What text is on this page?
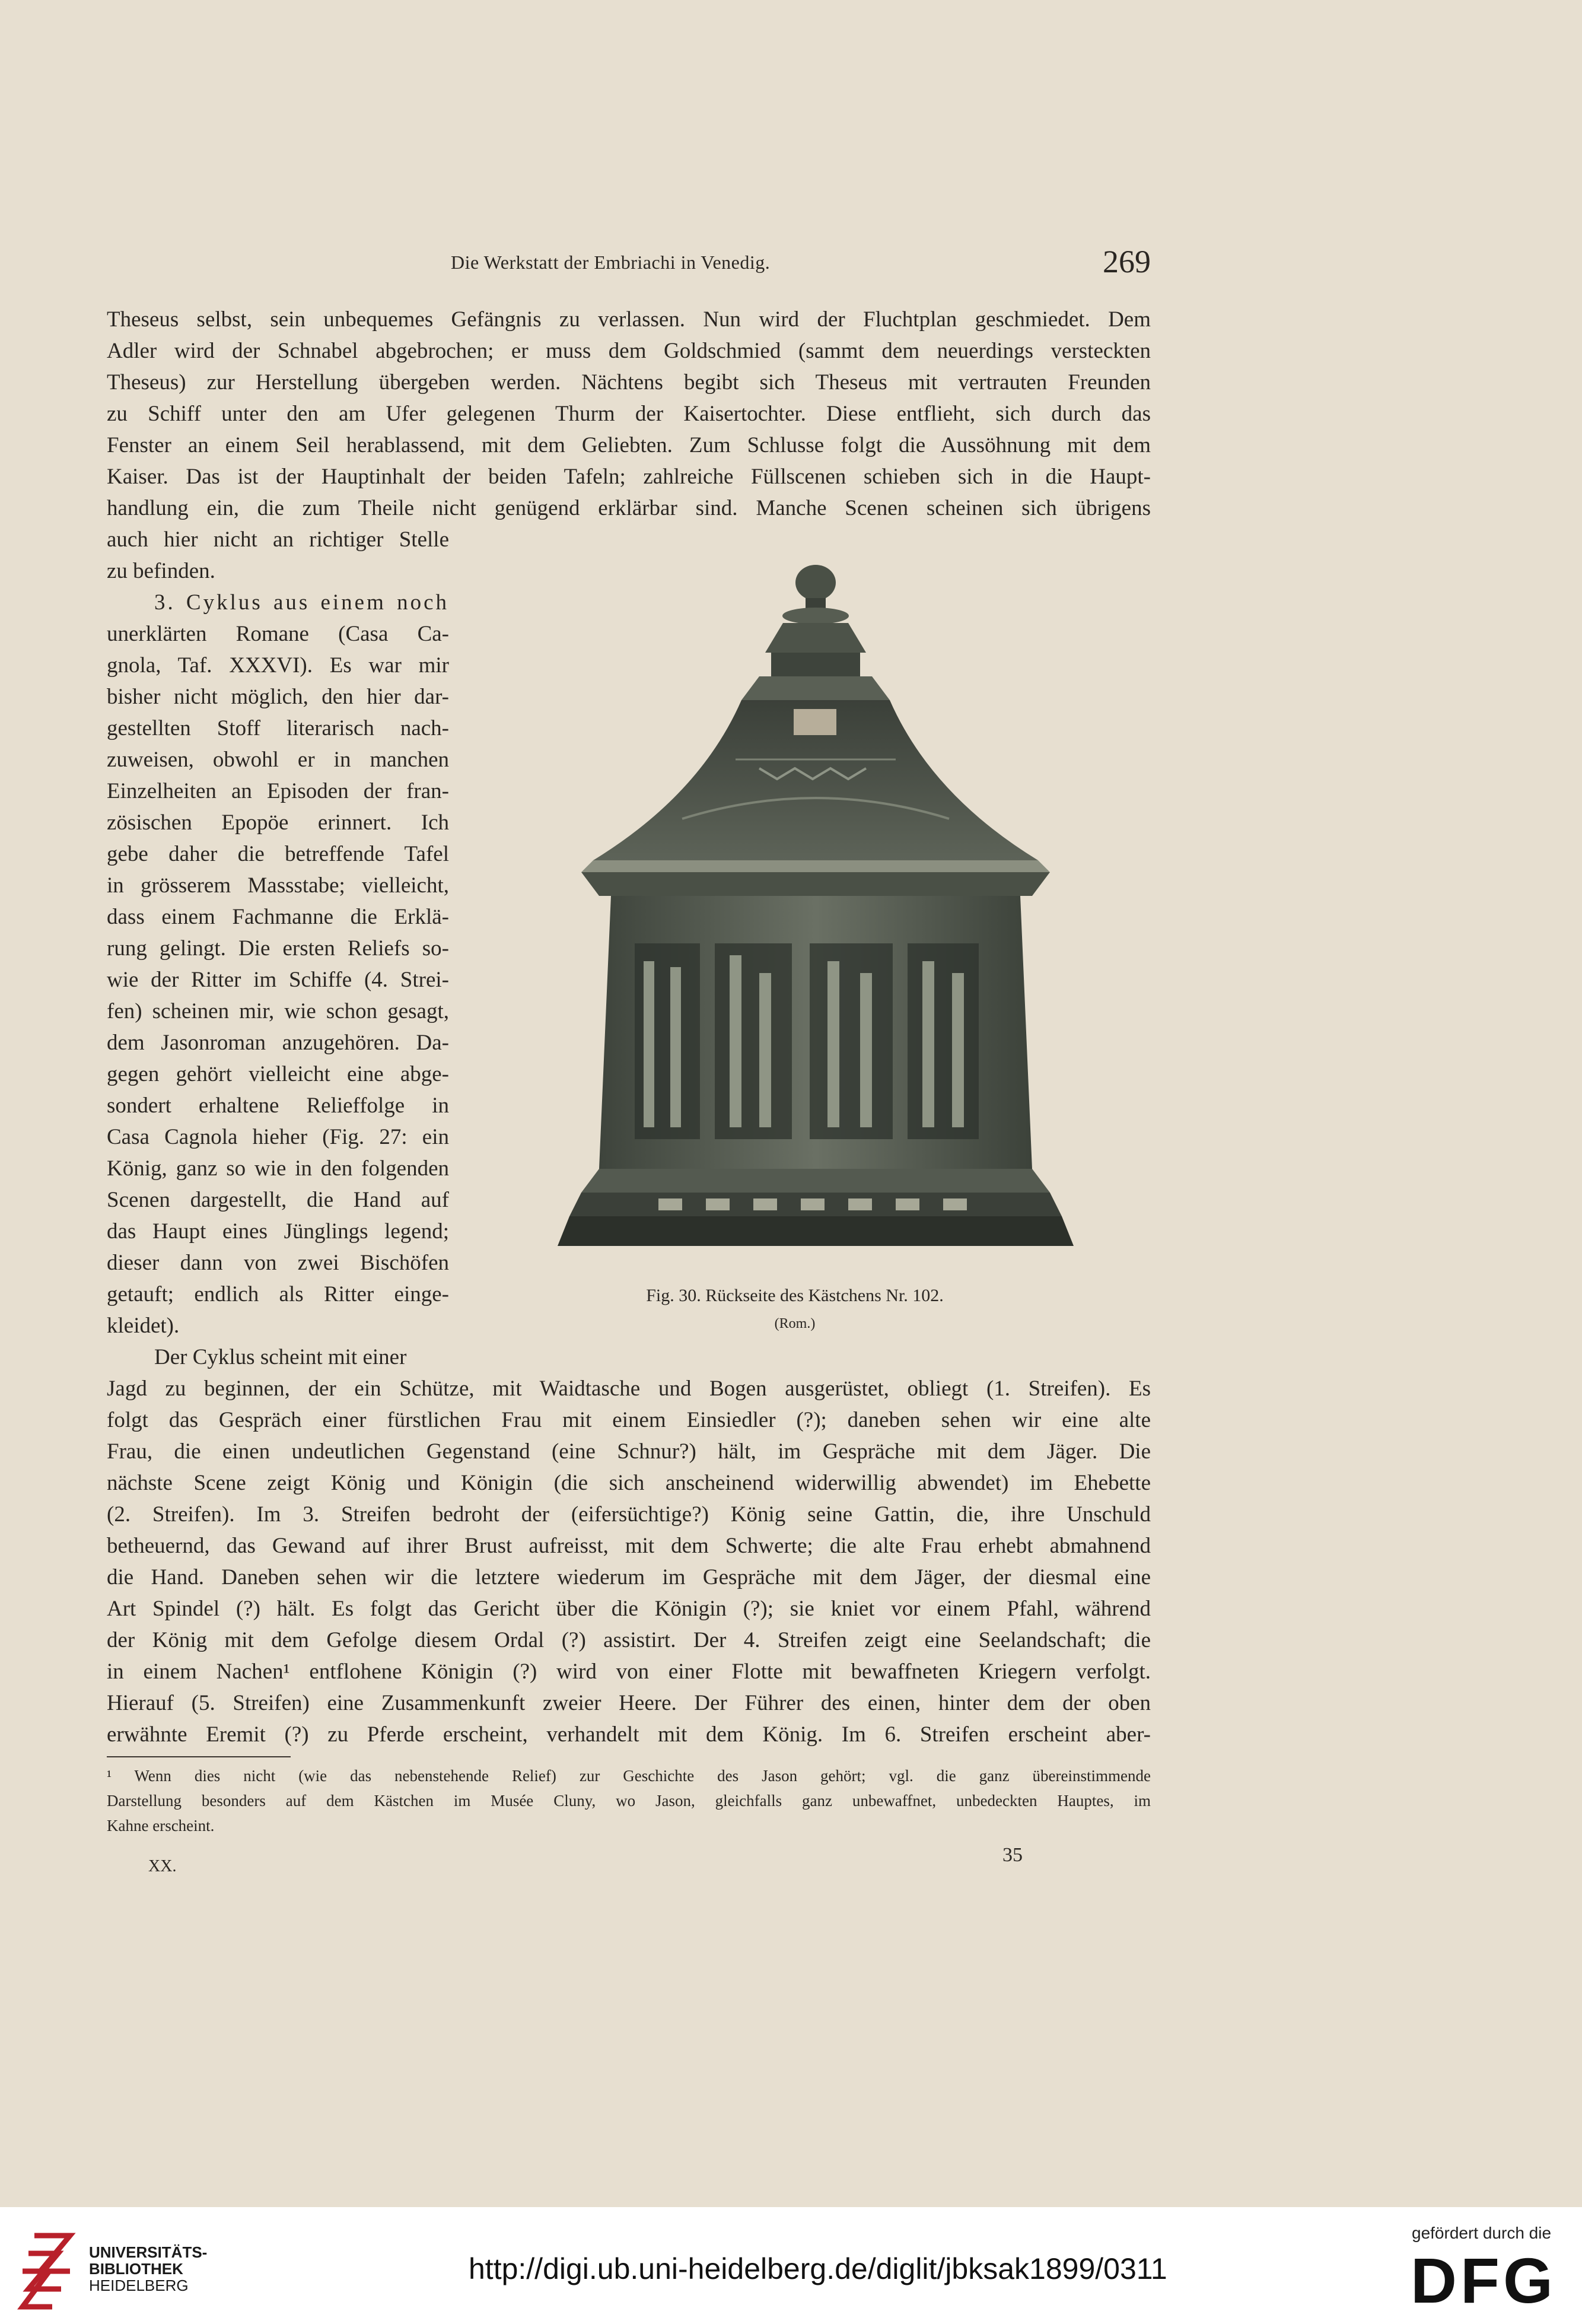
Die Werkstatt der Embriachi in Venedig.	269
Theseus selbst, sein unbequemes Gefängnis zu verlassen. Nun wird der Fluchtplan geschmiedet. Dem
Adler wird der Schnabel abgebrochen; er muss dem Goldschmied (sammt dem neuerdings versteckten
Theseus) zur Herstellung übergeben werden. Nächtens begibt sich Theseus mit vertrauten Freunden
zu Schiff unter den am Ufer gelegenen Thurm der Kaisertochter. Diese entflieht, sich durch das
Fenster an einem Seil herablassend, mit dem Geliebten. Zum Schlusse folgt die Aussöhnung mit dem
Kaiser. Das ist der Hauptinhalt der beiden Tafeln; zahlreiche Füllscenen schieben sich in die Haupt-
handlung ein, die zum Theile nicht genügend erklärbar sind. Manche Scenen scheinen sich übrigens
auch hier nicht an richtiger Stelle
zu befinden.
3. Cyklus aus einem noch
unerklärten Romane (Casa Ca-
gnola, Taf. XXXVI). Es war mir
bisher nicht möglich, den hier dar-
gestellten Stoff literarisch nach-
zuweisen, obwohl er in manchen
Einzelheiten an Episoden der fran-
zösischen Epopöe erinnert. Ich
gebe daher die betreffende Tafel
in grösserem Massstabe; vielleicht,
dass einem Fachmanne die Erklä-
rung gelingt. Die ersten Reliefs so-
wie der Ritter im Schiffe (4. Strei-
fen) scheinen mir, wie schon gesagt,
dem Jasonroman anzugehören. Da-
gegen gehört vielleicht eine abge-
sondert erhaltene Relieffolge in
Casa Cagnola hieher (Fig. 27: ein
König, ganz so wie in den folgenden
Scenen dargestellt, die Hand auf
das Haupt eines Jünglings legend;
dieser dann von zwei Bischöfen
getauft; endlich als Ritter einge-
kleidet).
Der Cyklus scheint mit einer
Fig. 30. Rückseite des Kästchens Nr. 102.
(Rom.)
Jagd zu beginnen, der ein Schütze, mit Waidtasche und Bogen ausgerüstet, obliegt (1. Streifen). Es
folgt das Gespräch einer fürstlichen Frau mit einem Einsiedler (?); daneben sehen wir eine alte
Frau, die einen undeutlichen Gegenstand (eine Schnur?) hält, im Gespräche mit dem Jäger. Die
nächste Scene zeigt König und Königin (die sich anscheinend widerwillig abwendet) im Ehebette
(2. Streifen). Im 3. Streifen bedroht der (eifersüchtige?) König seine Gattin, die, ihre Unschuld
betheuernd, das Gewand auf ihrer Brust aufreisst, mit dem Schwerte; die alte Frau erhebt abmahnend
die Hand. Daneben sehen wir die letztere wiederum im Gespräche mit dem Jäger, der diesmal eine
Art Spindel (?) hält. Es folgt das Gericht über die Königin (?); sie kniet vor einem Pfahl, während
der König mit dem Gefolge diesem Ordal (?) assistirt. Der 4. Streifen zeigt eine Seelandschaft; die
in einem Nachen¹ entflohene Königin (?) wird von einer Flotte mit bewaffneten Kriegern verfolgt.
Hierauf (5. Streifen) eine Zusammenkunft zweier Heere. Der Führer des einen, hinter dem der oben
erwähnte Eremit (?) zu Pferde erscheint, verhandelt mit dem König. Im 6. Streifen erscheint aber-
¹ Wenn dies nicht (wie das nebenstehende Relief) zur Geschichte des Jason gehört; vgl. die ganz übereinstimmende
Darstellung besonders auf dem Kästchen im Musée Cluny, wo Jason, gleichfalls ganz unbewaffnet, unbedeckten Hauptes, im
Kahne erscheint.
XX.
35
UNIVERSITÄTS-
BIBLIOTHEK
HEIDELBERG	http://digi.ub.uni-heidelberg.de/diglit/jbksak1899/0311
gefördert durch die
DFG
